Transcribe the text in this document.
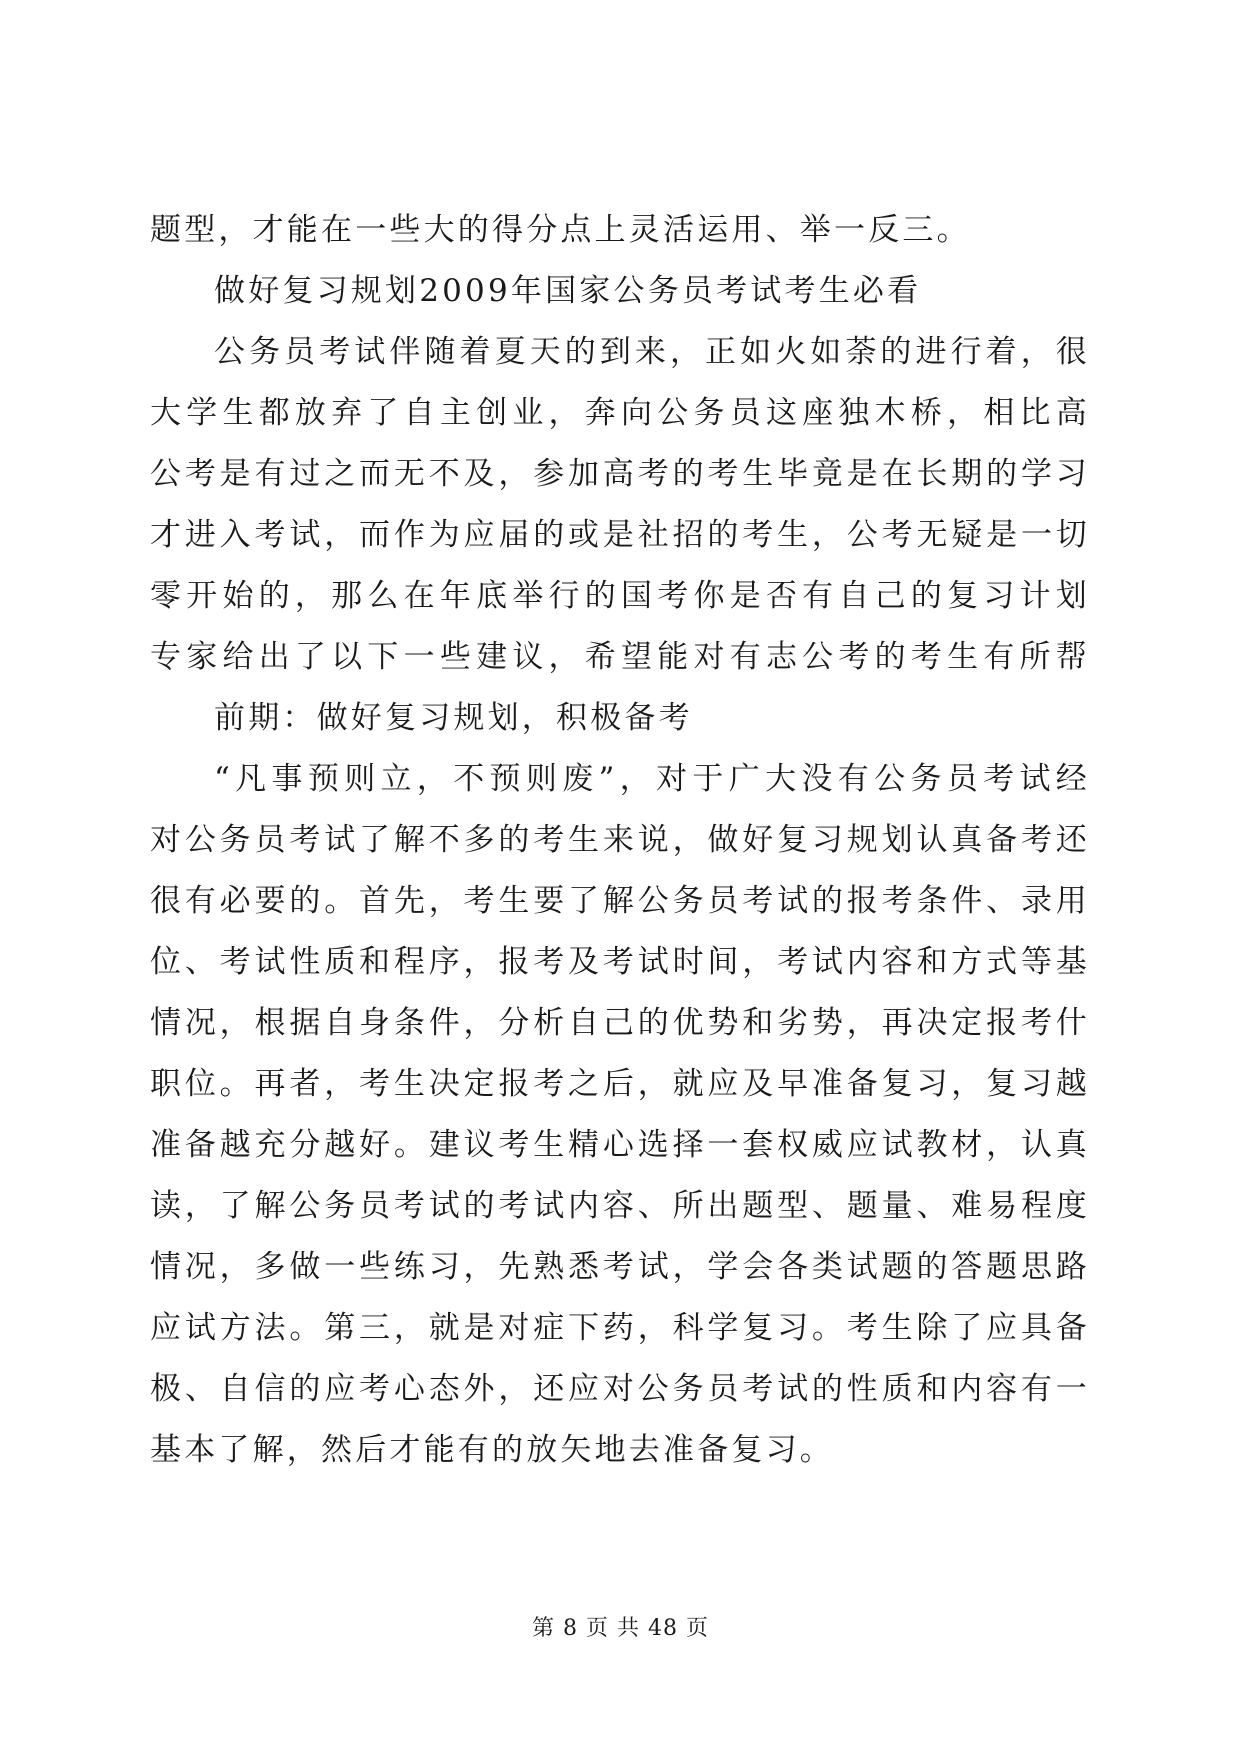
题型，才能在一些大的得分点上灵活运用、举一反三。
做好复习规划2009年国家公务员考试考生必看
公务员考试伴随着夏天的到来，正如火如荼的进行着，很
大学生都放弃了自主创业，奔向公务员这座独木桥，相比高
公考是有过之而无不及，参加高考的考生毕竟是在长期的学习
才进入考试，而作为应届的或是社招的考生，公考无疑是一切
零开始的，那么在年底举行的国考你是否有自己的复习计划
专家给出了以下一些建议，希望能对有志公考的考生有所帮
前期：做好复习规划，积极备考
“凡事预则立，不预则废”，对于广大没有公务员考试经
对公务员考试了解不多的考生来说，做好复习规划认真备考还
很有必要的。首先，考生要了解公务员考试的报考条件、录用
位、考试性质和程序，报考及考试时间，考试内容和方式等基
情况，根据自身条件，分析自己的优势和劣势，再决定报考什
职位。再者，考生决定报考之后，就应及早准备复习，复习越
准备越充分越好。建议考生精心选择一套权威应试教材，认真
读，了解公务员考试的考试内容、所出题型、题量、难易程度
情况，多做一些练习，先熟悉考试，学会各类试题的答题思路
应试方法。第三，就是对症下药，科学复习。考生除了应具备
极、自信的应考心态外，还应对公务员考试的性质和内容有一
基本了解，然后才能有的放矢地去准备复习。
第 8 页 共 48 页
